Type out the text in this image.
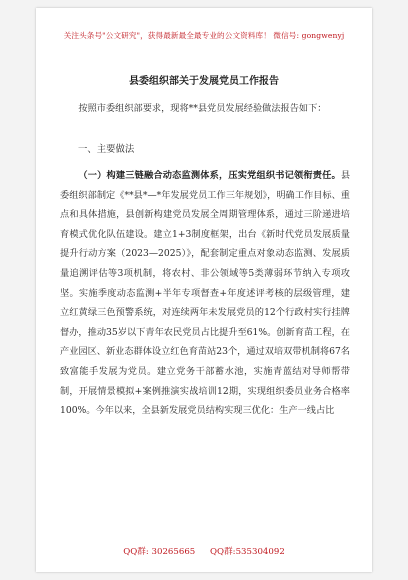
关注头条号"公文研究"，获得最新最全最专业的公文资料库！ 微信号: gongwenyj
县委组织部关于发展党员工作报告
按照市委组织部要求，现将**县党员发展经验做法报告如下：
一、主要做法
（一）构建三链融合动态监测体系，压实党组织书记领衔责任。县委组织部制定《**县*—*年发展党员工作三年规划》，明确工作目标、重点和具体措施，县创新构建党员发展全周期管理体系，通过三阶递进培育模式优化队伍建设。建立1+3制度框架，出台《新时代党员发展质量提升行动方案（2023—2025）》，配套制定重点对象动态监测、发展质量追溯评估等3项机制，将农村、非公领域等5类薄弱环节纳入专项攻坚。实施季度动态监测+半年专项督查+年度述评考核的层级管理，建立红黄绿三色预警系统，对连续两年未发展党员的12个行政村实行挂牌督办，推动35岁以下青年农民党员占比提升至61%。创新育苗工程，在产业园区、新业态群体设立红色育苗站23个，通过双培双带机制将67名致富能手发展为党员。建立党务干部蓄水池，实施青蓝结对导师帮带制，开展情景模拟+案例推演实战培训12期，实现组织委员业务合格率100%。今年以来，全县新发展党员结构实现三优化：生产一线占比
QQ群: 30265665 QQ群:535304092
